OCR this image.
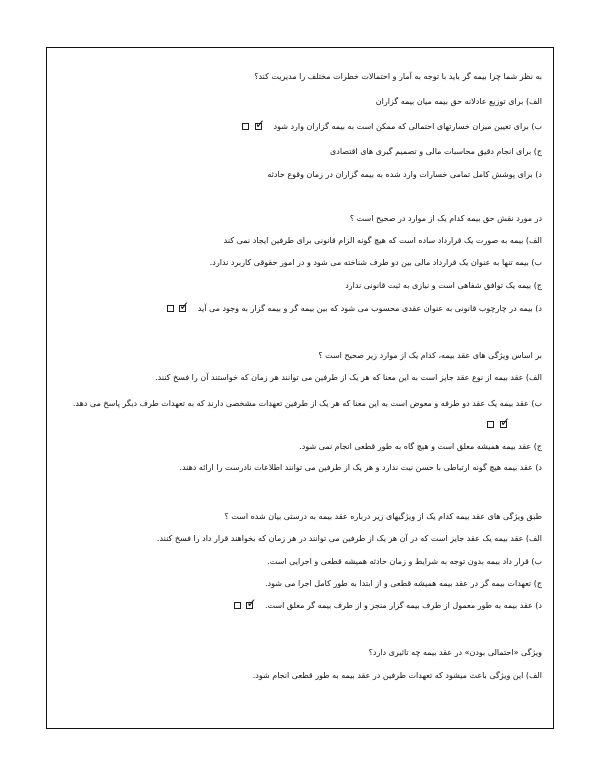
به نظر شما چرا بیمه گر باید با توجه به آمار و احتمالات خطرات مختلف را مدیریت کند؟
الف) برای توزیع عادلانه حق بیمه میان بیمه گزاران
ب) برای تعیین میزان خسارتهای احتمالی که ممکن است به بیمه گزاران وارد شود
✓

ج) برای انجام دقیق محاسبات مالی و تصمیم گیری های اقتصادی
د) برای پوشش کامل تمامی خسارات وارد شده به بیمه گزاران در زمان وقوع حادثه
در مورد نقش حق بیمه کدام یک از موارد در صحیح است ؟
الف) بیمه به صورت یک قرارداد ساده است که هیچ گونه الزام قانونی برای طرفین ایجاد نمی کند
ب) بیمه تنها به عنوان یک قرارداد مالی بین دو طرف شناخته می شود و در امور حقوقی کاربرد ندارد.
ج) بیمه یک توافق شفاهی است و نیازی به ثبت قانونی ندارد
د) بیمه در چارچوب قانونی به عنوان عقدی محسوب می شود که بین بیمه گر و بیمه گزار به وجود می آید
✓

بر اساس ویژگی های عقد بیمه، کدام یک از موارد زیر صحیح است ؟
الف) عقد بیمه از نوع عقد جایز است به این معنا که هر یک از طرفین می توانند هر زمان که خواستند آن را فسخ کنند.
ب) عقد بیمه یک عقد دو طرفه و معوض است به این معنا که هر یک از طرفین تعهدات مشخصی دارند که به تعهدات طرف دیگر پاسخ می دهد.
✓

ج) عقد بیمه همیشه معلق است و هیچ گاه به طور قطعی انجام نمی شود.
د) عقد بیمه هیچ گونه ارتباطی با حسن نیت ندارد و هر یک از طرفین می توانند اطلاعات نادرست را ارائه دهند.
طبق ویژگی های عقد بیمه کدام یک از ویژگیهای زیر درباره عقد بیمه به درستی بیان شده است ؟
الف) عقد بیمه یک عقد جایز است که در آن هر یک از طرفین می توانند در هر زمان که بخواهند قرار داد را فسخ کنند.
ب) قرار داد بیمه بدون توجه به شرایط و زمان حادثه همیشه قطعی و اجرایی است.
ج) تعهدات بیمه گر در عقد بیمه همیشه قطعی و از ابتدا به طور کامل اجرا می شود.
د) عقد بیمه به طور معمول از طرف بیمه گزار منجز و از طرف بیمه گر معلق است.
✓

ویژگی «احتمالی بودن» در عقد بیمه چه تاثیری دارد؟
الف) این ویژگی باعث میشود که تعهدات طرفین در عقد بیمه به طور قطعی انجام شود.
